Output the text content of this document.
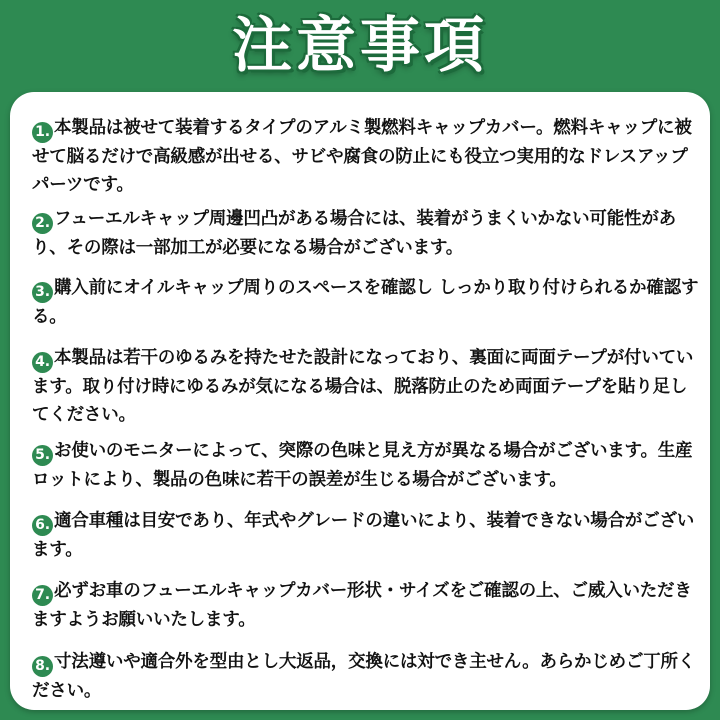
注意事項
1. 本製品は被せて装着するタイプのアルミ製燃料キャップカバー。燃料キャップに被せて脳るだけで高級感が出せる、サビや腐食の防止にも役立つ実用的なドレスアップパーツです。
2. フューエルキャップ周邊凹凸がある場合には、装着がうまくいかない可能性があり、その際は一部加工が必要になる場合がございます。
3. 購入前にオイルキャップ周りのスペースを確認し しっかり取り付けられるか確認する。
4. 本製品は若干のゆるみを持たせた設計になっており、裏面に両面テープが付いています。取り付け時にゆるみが気になる場合は、脱落防止のため両面テープを貼り足してください。
5. お使いのモニターによって、突際の色味と見え方が異なる場合がございます。生産ロットにより、製品の色味に若干の誤差が生じる場合がございます。
6. 適合車種は目安であり、年式やグレードの違いにより、装着できない場合がございます。
7. 必ずお車のフューエルキャップカバー形状・サイズをご確認の上、ご威入いただきますようお願いいたします。
8. 寸法遵いや適合外を型由とし大返品，交換には対でき主せん。あらかじめご丁所ください。
